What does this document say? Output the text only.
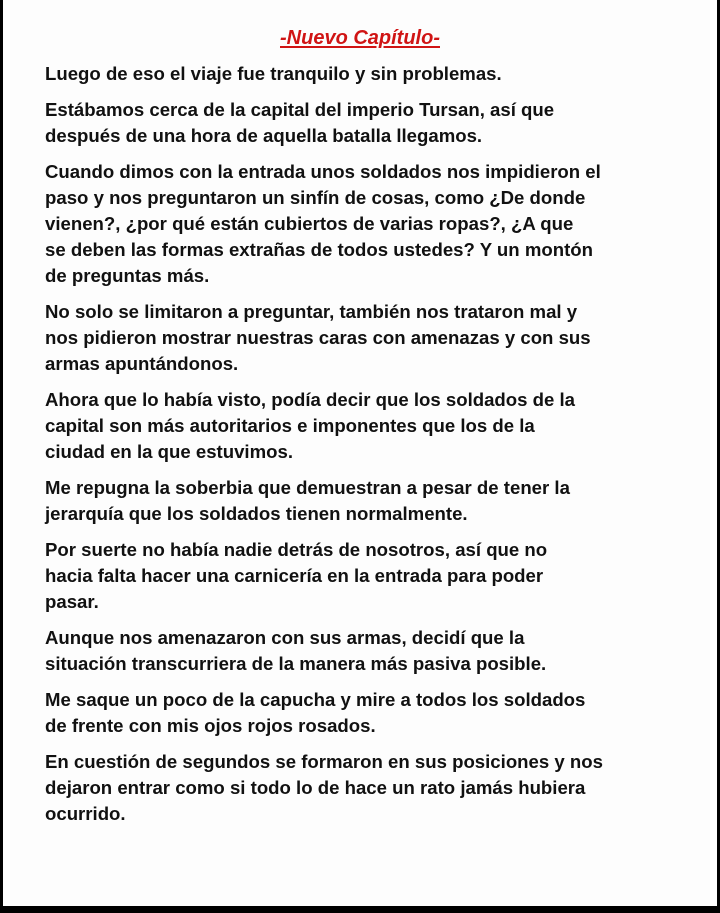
-Nuevo Capítulo-

Luego de eso el viaje fue tranquilo y sin problemas.

Estábamos cerca de la capital del imperio Tursan, así que
después de una hora de aquella batalla llegamos.

Cuando dimos con la entrada unos soldados nos impidieron el
paso y nos preguntaron un sinfín de cosas, como ¿De donde
vienen?, ¿por qué están cubiertos de varias ropas?, ¿A que
se deben las formas extrañas de todos ustedes? Y un montón
de preguntas más.

No solo se limitaron a preguntar, también nos trataron mal y
nos pidieron mostrar nuestras caras con amenazas y con sus
armas apuntándonos.

Ahora que lo había visto, podía decir que los soldados de la
capital son más autoritarios e imponentes que los de la
ciudad en la que estuvimos.

Me repugna la soberbia que demuestran a pesar de tener la
jerarquía que los soldados tienen normalmente.

Por suerte no había nadie detrás de nosotros, así que no
hacia falta hacer una carnicería en la entrada para poder
pasar.

Aunque nos amenazaron con sus armas, decidí que la
situación transcurriera de la manera más pasiva posible.

Me saque un poco de la capucha y mire a todos los soldados
de frente con mis ojos rojos rosados.

En cuestión de segundos se formaron en sus posiciones y nos
dejaron entrar como si todo lo de hace un rato jamás hubiera
ocurrido.
